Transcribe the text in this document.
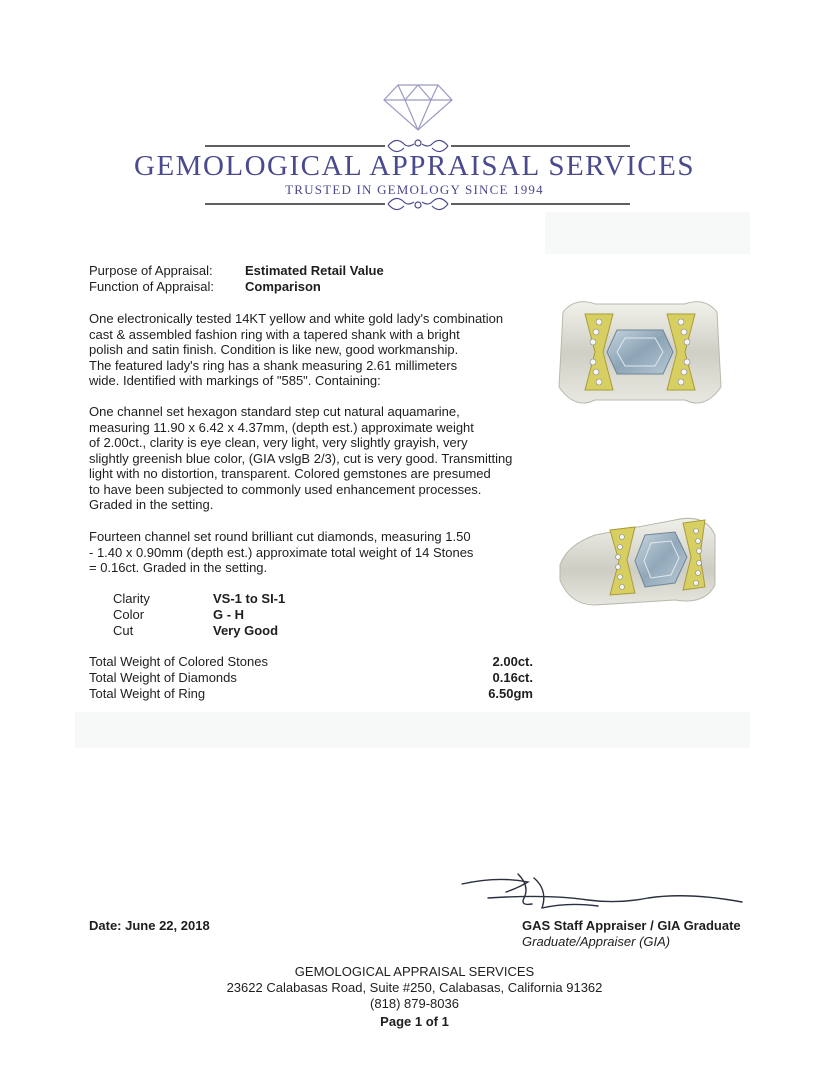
GEMOLOGICAL APPRAISAL SERVICES
TRUSTED IN GEMOLOGY SINCE 1994
Purpose of Appraisal: Estimated Retail Value
Function of Appraisal: Comparison
One electronically tested 14KT yellow and white gold lady's combination
cast & assembled fashion ring with a tapered shank with a bright
polish and satin finish. Condition is like new, good workmanship.
The featured lady's ring has a shank measuring 2.61 millimeters
wide. Identified with markings of "585". Containing:
One channel set hexagon standard step cut natural aquamarine,
measuring 11.90 x 6.42 x 4.37mm, (depth est.) approximate weight
of 2.00ct., clarity is eye clean, very light, very slightly grayish, very
slightly greenish blue color, (GIA vslgB 2/3), cut is very good. Transmitting
light with no distortion, transparent. Colored gemstones are presumed
to have been subjected to commonly used enhancement processes.
Graded in the setting.
Fourteen channel set round brilliant cut diamonds, measuring 1.50
- 1.40 x 0.90mm (depth est.) approximate total weight of 14 Stones
= 0.16ct. Graded in the setting.
Clarity	VS-1 to SI-1
Color	G - H
Cut	Very Good
Total Weight of Colored Stones	2.00ct.
Total Weight of Diamonds	0.16ct.
Total Weight of Ring	6.50gm
Date: June 22, 2018	GAS Staff Appraiser / GIA Graduate
Graduate/Appraiser (GIA)
GEMOLOGICAL APPRAISAL SERVICES
23622 Calabasas Road, Suite #250, Calabasas, California 91362
(818) 879-8036
Page 1 of 1
